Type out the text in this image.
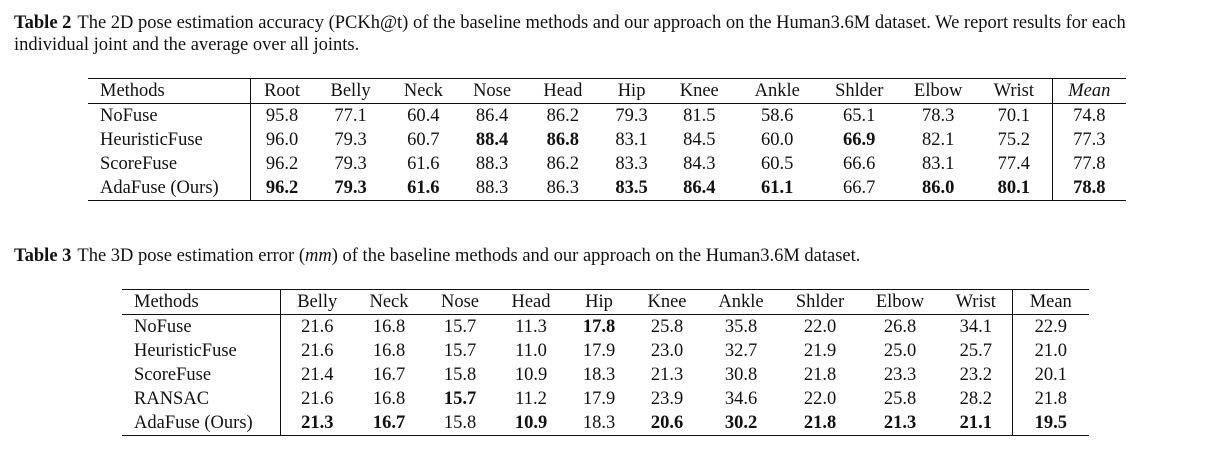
Table 2 The 2D pose estimation accuracy (PCKh@t) of the baseline methods and our approach on the Human3.6M dataset. We report results for each individual joint and the average over all joints.
Methods	Root	Belly	Neck	Nose	Head	Hip	Knee	Ankle	Shlder	Elbow	Wrist	Mean
NoFuse	95.8	77.1	60.4	86.4	86.2	79.3	81.5	58.6	65.1	78.3	70.1	74.8
HeuristicFuse	96.0	79.3	60.7	88.4	86.8	83.1	84.5	60.0	66.9	82.1	75.2	77.3
ScoreFuse	96.2	79.3	61.6	88.3	86.2	83.3	84.3	60.5	66.6	83.1	77.4	77.8
AdaFuse (Ours)	96.2	79.3	61.6	88.3	86.3	83.5	86.4	61.1	66.7	86.0	80.1	78.8
Table 3 The 3D pose estimation error (mm) of the baseline methods and our approach on the Human3.6M dataset.
Methods	Belly	Neck	Nose	Head	Hip	Knee	Ankle	Shlder	Elbow	Wrist	Mean
NoFuse	21.6	16.8	15.7	11.3	17.8	25.8	35.8	22.0	26.8	34.1	22.9
HeuristicFuse	21.6	16.8	15.7	11.0	17.9	23.0	32.7	21.9	25.0	25.7	21.0
ScoreFuse	21.4	16.7	15.8	10.9	18.3	21.3	30.8	21.8	23.3	23.2	20.1
RANSAC	21.6	16.8	15.7	11.2	17.9	23.9	34.6	22.0	25.8	28.2	21.8
AdaFuse (Ours)	21.3	16.7	15.8	10.9	18.3	20.6	30.2	21.8	21.3	21.1	19.5
